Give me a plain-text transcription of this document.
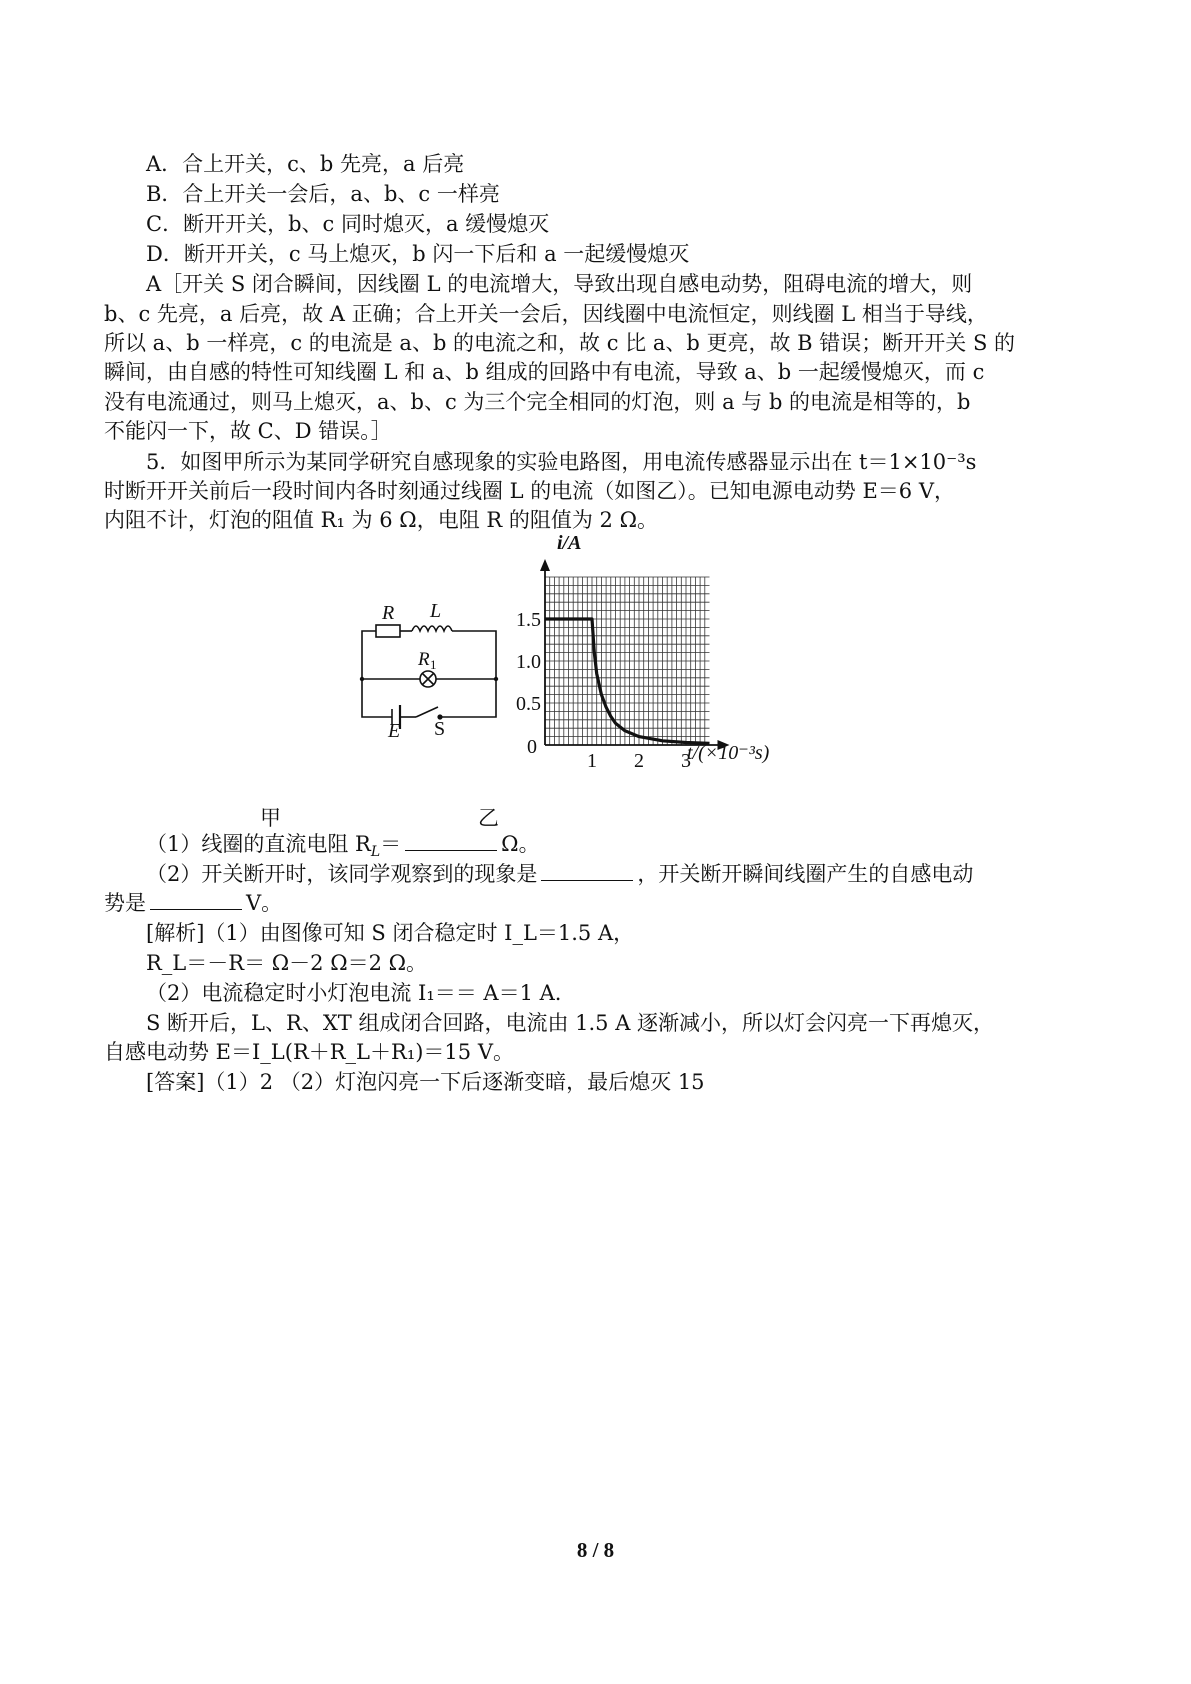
A．合上开关，c、b 先亮，a 后亮
B．合上开关一会后，a、b、c 一样亮
C．断开开关，b、c 同时熄灭，a 缓慢熄灭
D．断开开关，c 马上熄灭，b 闪一下后和 a 一起缓慢熄灭
A［开关 S 闭合瞬间，因线圈 L 的电流增大，导致出现自感电动势，阻碍电流的增大，则
b、c 先亮，a 后亮，故 A 正确；合上开关一会后，因线圈中电流恒定，则线圈 L 相当于导线，
所以 a、b 一样亮，c 的电流是 a、b 的电流之和，故 c 比 a、b 更亮，故 B 错误；断开开关 S 的
瞬间，由自感的特性可知线圈 L 和 a、b 组成的回路中有电流，导致 a、b 一起缓慢熄灭，而 c
没有电流通过，则马上熄灭，a、b、c 为三个完全相同的灯泡，则 a 与 b 的电流是相等的，b
不能闪一下，故 C、D 错误。］
5．如图甲所示为某同学研究自感现象的实验电路图，用电流传感器显示出在 t＝1×10⁻³s
时断开开关前后一段时间内各时刻通过线圈 L 的电流（如图乙）。已知电源电动势 E＝6 V，
内阻不计，灯泡的阻值 R₁ 为 6 Ω，电阻 R 的阻值为 2 Ω。
R L
R 1
E S
1.5
1.0
0.5
1 2 3
i/A
t/(×10⁻³s)
0
甲	乙
（1）线圈的直流电阻 $R_L=$	Ω。
（2）开关断开时，该同学观察到的现象是	，开关断开瞬间线圈产生的自感电动
势是	V。
[解析]（1）由图像可知 S 闭合稳定时 I_L＝1.5 A，
R_L＝－R＝ Ω－2 Ω＝2 Ω。
（2）电流稳定时小灯泡电流 I₁＝＝ A＝1 A.
S 断开后，L、R、XT 组成闭合回路，电流由 1.5 A 逐渐减小，所以灯会闪亮一下再熄灭，
自感电动势 E＝I_L(R＋R_L＋R₁)＝15 V。
[答案]（1）2 （2）灯泡闪亮一下后逐渐变暗，最后熄灭 15
8 / 8
